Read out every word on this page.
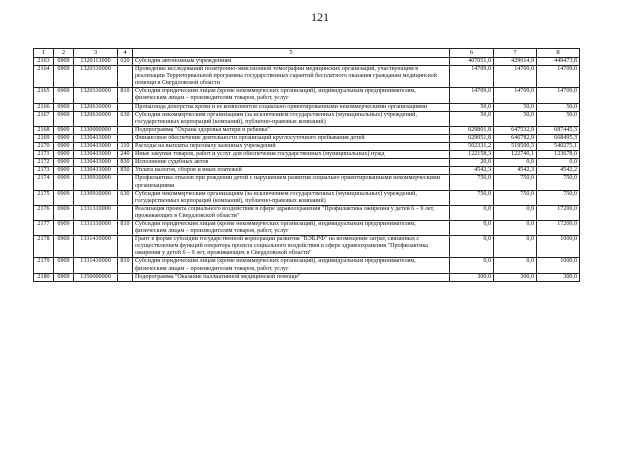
121
1	2	3	4	5	6	7	8
2163	0909	1320113000	620	Субсидии автономным учреждениям	407051,0	429614,9	449473,8
2164	0909	1320310000		Проведение исследований позитронно-эмиссионной томографии медицинских организаций, участвующим в реализации Территориальной программы государственных гарантий бесплатного оказания гражданам медицинской помощи в Свердловской области	14709,0	14709,0	14709,0
2165	0909	1320310000	810	Субсидии юридическим лицам (кроме некоммерческих организаций), индивидуальным предпринимателям, физическим лицам – производителям товаров, работ, услуг	14709,0	14709,0	14709,0
2166	0909	1320610000		Пропаганда донорства крови и ее компонентов социально ориентированными некоммерческими организациями	50,0	50,0	50,0
2167	0909	1320610000	630	Субсидии некоммерческим организациям (за исключением государственных (муниципальных) учреждений, государственных корпораций (компаний), публично-правовых компаний)	50,0	50,0	50,0
2168	0909	1330000000		Подпрограмма "Охрана здоровья матери и ребенка"	629801,8	647532,9	687445,3
2169	0909	1330413000		Финансовое обеспечение деятельности организаций круглосуточного пребывания детей	629051,8	646782,9	668495,3
2170	0909	1330413000	110	Расходы на выплаты персоналу казенных учреждений	502331,2	519500,5	540275,1
2171	0909	1330413000	240	Иные закупки товаров, работ и услуг для обеспечения государственных (муниципальных) нужд	122158,3	122740,1	123678,0
2172	0909	1330413000	830	Исполнение судебных актов	20,0	0,0	0,0
2173	0909	1330413000	850	Уплата налогов, сборов и иных платежей	4542,3	4542,3	4542,2
2174	0909	1330910000		Профилактика отказов при рождении детей с нарушением развития социально ориентированными некоммерческими организациями	750,0	750,0	750,0
2175	0909	1330910000	630	Субсидии некоммерческим организациям (за исключением государственных (муниципальных) учреждений, государственных корпораций (компаний), публично-правовых компаний)	750,0	750,0	750,0
2176	0909	1331310000		Реализация проекта социального воздействия в сфере здравоохранения "Профилактика ожирения у детей 6 – 9 лет, проживающих в Свердловской области"	0,0	0,0	17200,0
2177	0909	1331310000	810	Субсидии юридическим лицам (кроме некоммерческих организаций), индивидуальным предпринимателям, физическим лицам – производителям товаров, работ, услуг	0,0	0,0	17200,0
2178	0909	1331410000		Грант в форме субсидии государственной корпорации развития "ВЭБ.РФ" на возмещение затрат, связанных с осуществлением функций оператора проекта социального воздействия в сфере здравоохранения "Профилактика ожирения у детей 6 – 9 лет, проживающих в Свердловской области"	0,0	0,0	1000,0
2179	0909	1331410000	810	Субсидии юридическим лицам (кроме некоммерческих организаций), индивидуальным предпринимателям, физическим лицам – производителям товаров, работ, услуг	0,0	0,0	1000,0
2180	0909	1350000000		Подпрограмма "Оказание паллиативной медицинской помощи"	300,0	300,0	300,0
